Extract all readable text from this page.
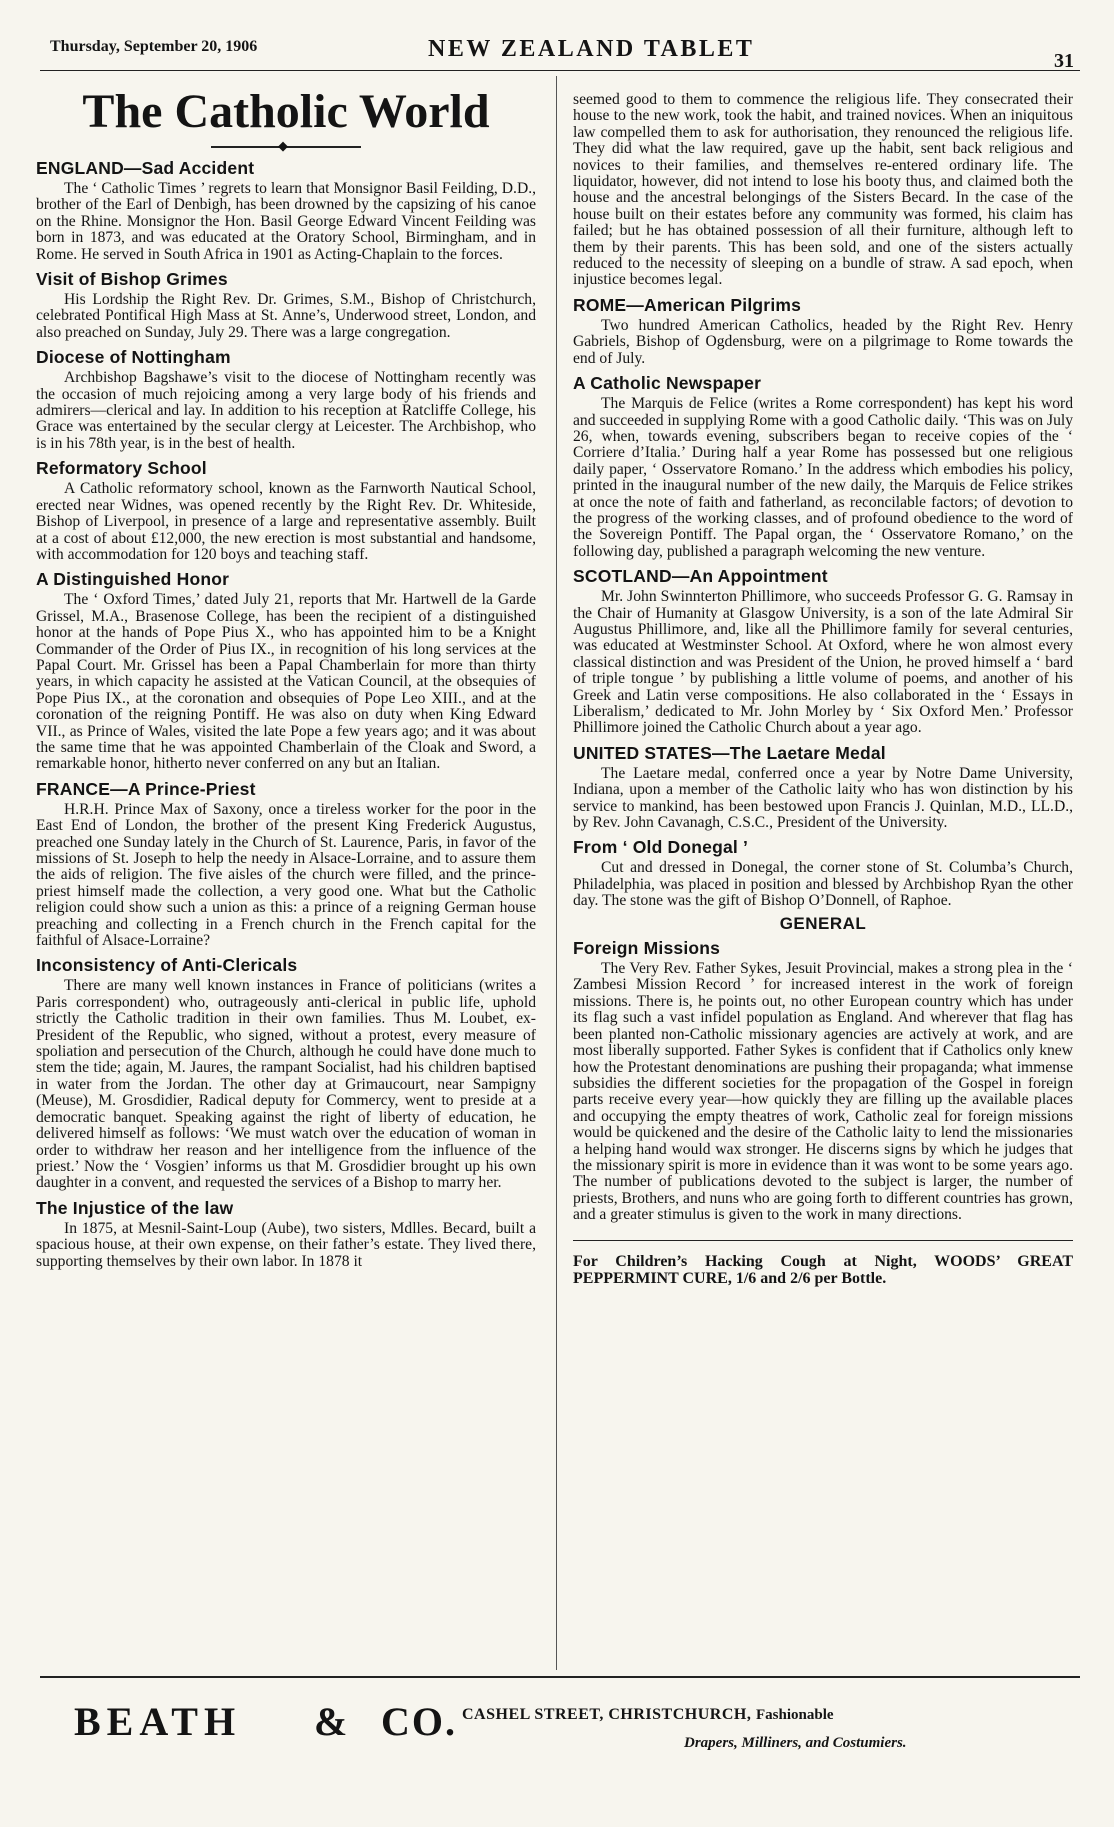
Thursday, September 20, 1906	NEW ZEALAND TABLET	31
The Catholic World
◆
ENGLAND—Sad Accident

The ‘ Catholic Times ’ regrets to learn that Monsignor Basil Feilding, D.D., brother of the Earl of Denbigh, has been drowned by the capsizing of his canoe on the Rhine. Monsignor the Hon. Basil George Edward Vincent Feilding was born in 1873, and was educated at the Oratory School, Birmingham, and in Rome. He served in South Africa in 1901 as Acting-Chaplain to the forces.

Visit of Bishop Grimes

His Lordship the Right Rev. Dr. Grimes, S.M., Bishop of Christchurch, celebrated Pontifical High Mass at St. Anne’s, Underwood street, London, and also preached on Sunday, July 29. There was a large congregation.

Diocese of Nottingham

Archbishop Bagshawe’s visit to the diocese of Nottingham recently was the occasion of much rejoicing among a very large body of his friends and admirers—clerical and lay. In addition to his reception at Ratcliffe College, his Grace was entertained by the secular clergy at Leicester. The Archbishop, who is in his 78th year, is in the best of health.

Reformatory School

A Catholic reformatory school, known as the Farnworth Nautical School, erected near Widnes, was opened recently by the Right Rev. Dr. Whiteside, Bishop of Liverpool, in presence of a large and representative assembly. Built at a cost of about £12,000, the new erection is most substantial and handsome, with accommodation for 120 boys and teaching staff.

A Distinguished Honor

The ‘ Oxford Times,’ dated July 21, reports that Mr. Hartwell de la Garde Grissel, M.A., Brasenose College, has been the recipient of a distinguished honor at the hands of Pope Pius X., who has appointed him to be a Knight Commander of the Order of Pius IX., in recognition of his long services at the Papal Court. Mr. Grissel has been a Papal Chamberlain for more than thirty years, in which capacity he assisted at the Vatican Council, at the obsequies of Pope Pius IX., at the coronation and obsequies of Pope Leo XIII., and at the coronation of the reigning Pontiff. He was also on duty when King Edward VII., as Prince of Wales, visited the late Pope a few years ago; and it was about the same time that he was appointed Chamberlain of the Cloak and Sword, a remarkable honor, hitherto never conferred on any but an Italian.

FRANCE—A Prince-Priest

H.R.H. Prince Max of Saxony, once a tireless worker for the poor in the East End of London, the brother of the present King Frederick Augustus, preached one Sunday lately in the Church of St. Laurence, Paris, in favor of the missions of St. Joseph to help the needy in Alsace-Lorraine, and to assure them the aids of religion. The five aisles of the church were filled, and the prince-priest himself made the collection, a very good one. What but the Catholic religion could show such a union as this: a prince of a reigning German house preaching and collecting in a French church in the French capital for the faithful of Alsace-Lorraine?

Inconsistency of Anti-Clericals

There are many well known instances in France of politicians (writes a Paris correspondent) who, outrageously anti-clerical in public life, uphold strictly the Catholic tradition in their own families. Thus M. Loubet, ex-President of the Republic, who signed, without a protest, every measure of spoliation and persecution of the Church, although he could have done much to stem the tide; again, M. Jaures, the rampant Socialist, had his children baptised in water from the Jordan. The other day at Grimaucourt, near Sampigny (Meuse), M. Grosdidier, Radical deputy for Commercy, went to preside at a democratic banquet. Speaking against the right of liberty of education, he delivered himself as follows: ‘We must watch over the education of woman in order to withdraw her reason and her intelligence from the influence of the priest.’ Now the ‘ Vosgien’ informs us that M. Grosdidier brought up his own daughter in a convent, and requested the services of a Bishop to marry her.

The Injustice of the law

In 1875, at Mesnil-Saint-Loup (Aube), two sisters, Mdlles. Becard, built a spacious house, at their own expense, on their father’s estate. They lived there, supporting themselves by their own labor. In 1878 it

seemed good to them to commence the religious life. They consecrated their house to the new work, took the habit, and trained novices. When an iniquitous law compelled them to ask for authorisation, they renounced the religious life. They did what the law required, gave up the habit, sent back religious and novices to their families, and themselves re-entered ordinary life. The liquidator, however, did not intend to lose his booty thus, and claimed both the house and the ancestral belongings of the Sisters Becard. In the case of the house built on their estates before any community was formed, his claim has failed; but he has obtained possession of all their furniture, although left to them by their parents. This has been sold, and one of the sisters actually reduced to the necessity of sleeping on a bundle of straw. A sad epoch, when injustice becomes legal.

ROME—American Pilgrims

Two hundred American Catholics, headed by the Right Rev. Henry Gabriels, Bishop of Ogdensburg, were on a pilgrimage to Rome towards the end of July.

A Catholic Newspaper

The Marquis de Felice (writes a Rome correspondent) has kept his word and succeeded in supplying Rome with a good Catholic daily. ‘This was on July 26, when, towards evening, subscribers began to receive copies of the ‘ Corriere d’Italia.’ During half a year Rome has possessed but one religious daily paper, ‘ Osservatore Romano.’ In the address which embodies his policy, printed in the inaugural number of the new daily, the Marquis de Felice strikes at once the note of faith and fatherland, as reconcilable factors; of devotion to the progress of the working classes, and of profound obedience to the word of the Sovereign Pontiff. The Papal organ, the ‘ Osservatore Romano,’ on the following day, published a paragraph welcoming the new venture.

SCOTLAND—An Appointment

Mr. John Swinnterton Phillimore, who succeeds Professor G. G. Ramsay in the Chair of Humanity at Glasgow University, is a son of the late Admiral Sir Augustus Phillimore, and, like all the Phillimore family for several centuries, was educated at Westminster School. At Oxford, where he won almost every classical distinction and was President of the Union, he proved himself a ‘ bard of triple tongue ’ by publishing a little volume of poems, and another of his Greek and Latin verse compositions. He also collaborated in the ‘ Essays in Liberalism,’ dedicated to Mr. John Morley by ‘ Six Oxford Men.’ Professor Phillimore joined the Catholic Church about a year ago.

UNITED STATES—The Laetare Medal

The Laetare medal, conferred once a year by Notre Dame University, Indiana, upon a member of the Catholic laity who has won distinction by his service to mankind, has been bestowed upon Francis J. Quinlan, M.D., LL.D., by Rev. John Cavanagh, C.S.C., President of the University.

From ‘ Old Donegal ’

Cut and dressed in Donegal, the corner stone of St. Columba’s Church, Philadelphia, was placed in position and blessed by Archbishop Ryan the other day. The stone was the gift of Bishop O’Donnell, of Raphoe.

GENERAL
Foreign Missions

The Very Rev. Father Sykes, Jesuit Provincial, makes a strong plea in the ‘ Zambesi Mission Record ’ for increased interest in the work of foreign missions. There is, he points out, no other European country which has under its flag such a vast infidel population as England. And wherever that flag has been planted non-Catholic missionary agencies are actively at work, and are most liberally supported. Father Sykes is confident that if Catholics only knew how the Protestant denominations are pushing their propaganda; what immense subsidies the different societies for the propagation of the Gospel in foreign parts receive every year—how quickly they are filling up the available places and occupying the empty theatres of work, Catholic zeal for foreign missions would be quickened and the desire of the Catholic laity to lend the missionaries a helping hand would wax stronger. He discerns signs by which he judges that the missionary spirit is more in evidence than it was wont to be some years ago. The number of publications devoted to the subject is larger, the number of priests, Brothers, and nuns who are going forth to different countries has grown, and a greater stimulus is given to the work in many directions.

For Children’s Hacking Cough at Night, WOODS’ GREAT PEPPERMINT CURE, 1/6 and 2/6 per Bottle.

BEATH & CO. CASHEL STREET, CHRISTCHURCH, Fashionable
Drapers, Milliners, and Costumiers.
